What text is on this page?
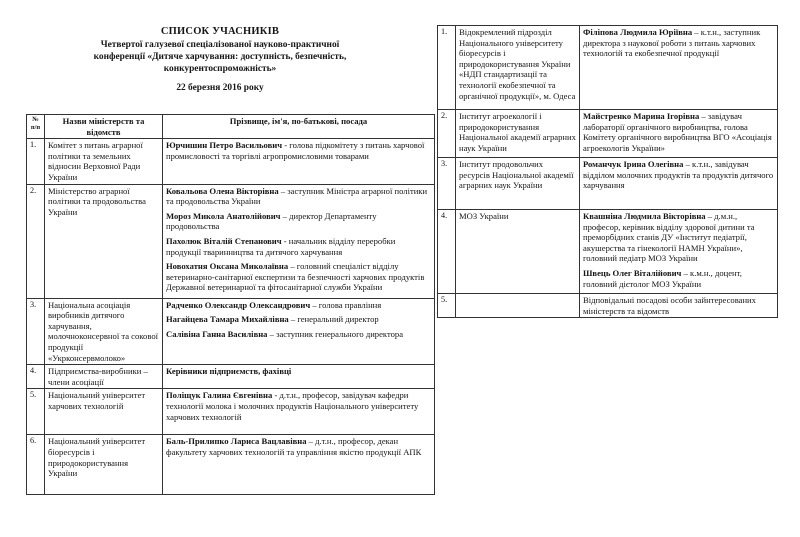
СПИСОК УЧАСНИКІВ
Четвертої галузевої спеціалізованої науково-практичної
конференції «Дитяче харчування: доступність, безпечність,
конкурентоспроможність»
22 березня 2016 року
№ п/п	Назви міністерств та відомств	Прізвище, ім'я, по-батькові, посада
1.	Комітет з питань аграрної політики та земельних відносин Верховної Ради України	Юрчишин Петро Васильович - голова підкомітету з питань харчової промисловості та торгівлі агропромисловими товарами

2.	Міністерство аграрної політики та продовольства України	Ковальова Олена Вікторівна – заступник Міністра аграрної політики та продовольства України
Мороз Микола Анатолійович – директор Департаменту продовольства
Пахолюк Віталій Степанович - начальник відділу переробки продукції тваринництва та дитячого харчування
Новохатня Оксана Миколаївна – головний спеціаліст відділу ветеринарно-санітарної експертизи та безпечності харчових продуктів Державної ветеринарної та фітосанітарної служби України

3.	Національна асоціація виробників дитячого харчування, молочноконсервної та сокової продукції «Укрконсервмолоко»	Радченко Олександр Олександрович – голова правління
Нагайцева Тамара Михайлівна – генеральний директор
Салівіна Ганна Василівна – заступник генерального директора

4.	Підприємства-виробники – члени асоціації	Керівники підприємств, фахівці

5.	Національний університет харчових технологій	Поліщук Галина Євгенівна - д.т.н., професор, завідувач кафедри технології молока і молочних продуктів Національного університету харчових технологій

6.	Національний університет біоресурсів і природокористування України	Баль-Прилипко Лариса Вацлавівна – д.т.н., професор, декан факультету харчових технологій та управління якістю продукції АПК
1.	Відокремлений підрозділ Національного університету біоресурсів і природокористування України «НДП стандартизації та технології екобезпечної та органічної продукції», м. Одеса	Філіпова Людмила Юріївна – к.т.н., заступник директора з наукової роботи з питань харчових технологій та екобезпечної продукції

2.	Інститут агроекології і природокористування Національної академії аграрних наук України	Майстренко Марина Ігорівна – завідувач лабораторії органічного виробництва, голова Комітету органічного виробництва ВГО «Асоціація агроекологів України»

3.	Інститут продовольчих ресурсів Національної академії аграрних наук України	Романчук Ірина Олегівна – к.т.н., завідувач відділом молочних продуктів та продуктів дитячого харчування

4.	МОЗ України	Квашніна Людмила Вікторівна – д.м.н., професор, керівник відділу здорової дитини та преморбідних станів ДУ «Інститут педіатрії, акушерства та гінекології НАМН України», головний педіатр МОЗ України
Швець Олег Віталійович – к.м.н., доцент, головний дієтолог МОЗ України

5.		Відповідальні посадові особи зайнтересованих міністерств та відомств
